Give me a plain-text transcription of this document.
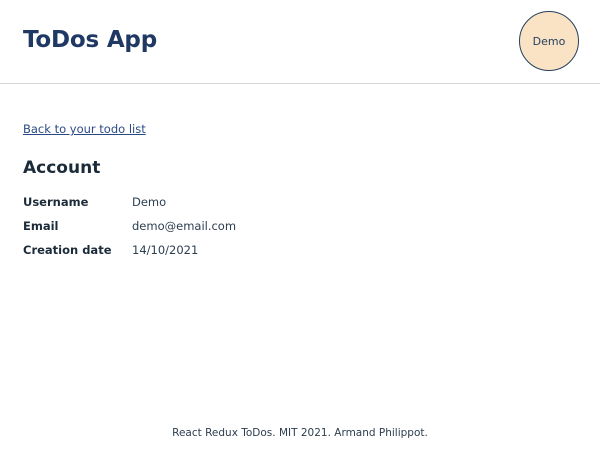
ToDos App	Demo
Back to your todo list
Account
Username	Demo
Email	demo@email.com
Creation date	14/10/2021
React Redux ToDos. MIT 2021. Armand Philippot.
